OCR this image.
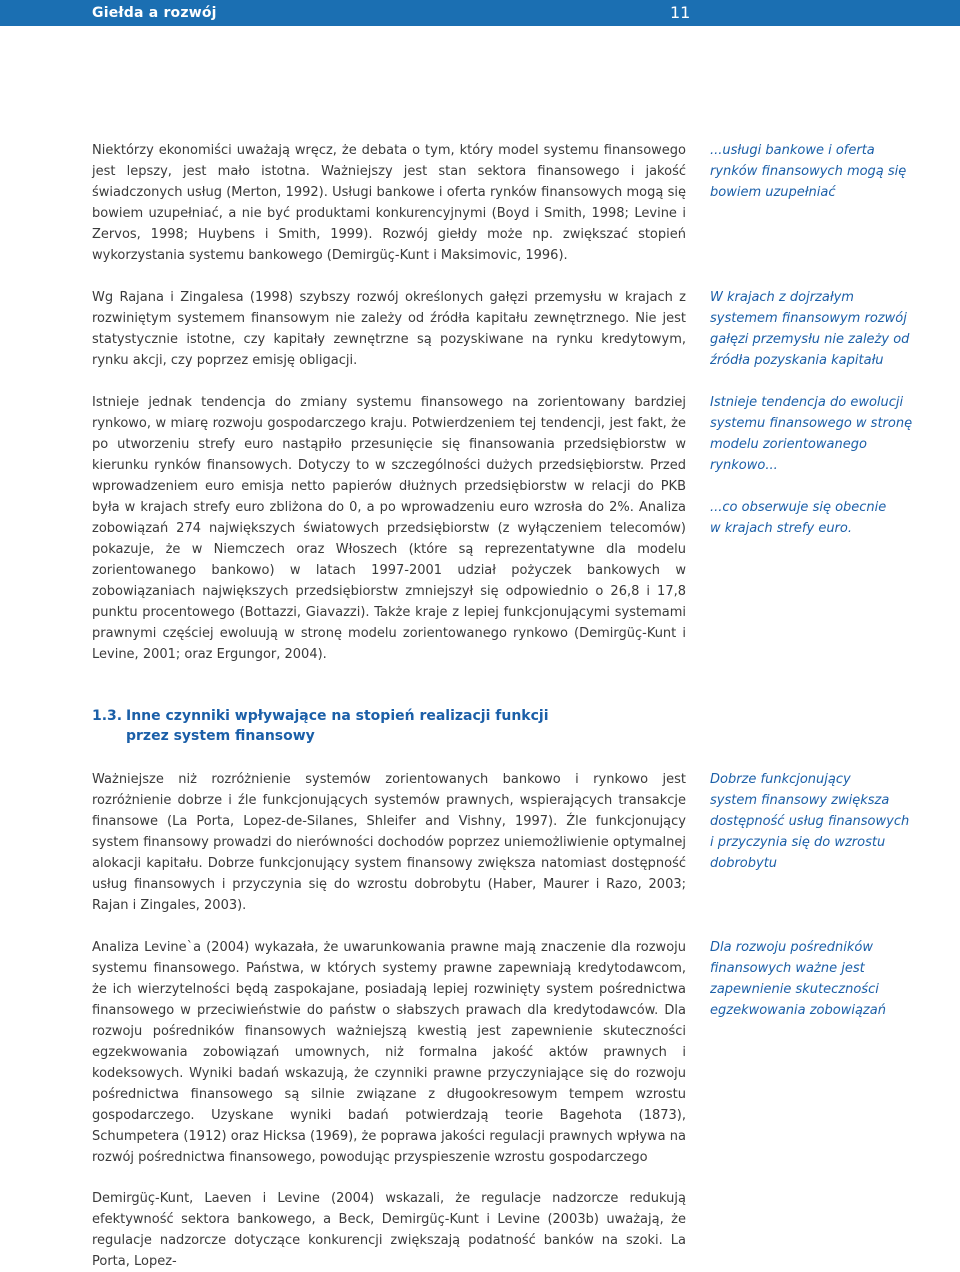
Giełda a rozwój	11

Niektórzy ekonomiści uważają wręcz, że debata o tym, który model systemu finansowego jest lepszy, jest mało istotna. Ważniejszy jest stan sektora finansowego i jakość świadczonych usług (Merton, 1992). Usługi bankowe i oferta rynków finansowych mogą się bowiem uzupełniać, a nie być produktami konkurencyjnymi (Boyd i Smith, 1998; Levine i Zervos, 1998; Huybens i Smith, 1999). Rozwój giełdy może np. zwiększać stopień wykorzystania systemu bankowego (Demirgüç-Kunt i Maksimovic, 1996).

Wg Rajana i Zingalesa (1998) szybszy rozwój określonych gałęzi przemysłu w krajach z rozwiniętym systemem finansowym nie zależy od źródła kapitału zewnętrznego. Nie jest statystycznie istotne, czy kapitały zewnętrzne są pozyskiwane na rynku kredytowym, rynku akcji, czy poprzez emisję obligacji.

Istnieje jednak tendencja do zmiany systemu finansowego na zorientowany bardziej rynkowo, w miarę rozwoju gospodarczego kraju. Potwierdzeniem tej tendencji, jest fakt, że po utworzeniu strefy euro nastąpiło przesunięcie się finansowania przedsiębiorstw w kierunku rynków finansowych. Dotyczy to w szczególności dużych przedsiębiorstw. Przed wprowadzeniem euro emisja netto papierów dłużnych przedsiębiorstw w relacji do PKB była w krajach strefy euro zbliżona do 0, a po wprowadzeniu euro wzrosła do 2%. Analiza zobowiązań 274 największych światowych przedsiębiorstw (z wyłączeniem telecomów) pokazuje, że w Niemczech oraz Włoszech (które są reprezentatywne dla modelu zorientowanego bankowo) w latach 1997-2001 udział pożyczek bankowych w zobowiązaniach największych przedsiębiorstw zmniejszył się odpowiednio o 26,8 i 17,8 punktu procentowego (Bottazzi, Giavazzi). Także kraje z lepiej funkcjonującymi systemami prawnymi częściej ewoluują w stronę modelu zorientowanego rynkowo (Demirgüç-Kunt i Levine, 2001; oraz Ergungor, 2004).

1.3. Inne czynniki wpływające na stopień realizacji funkcji
przez system finansowy

Ważniejsze niż rozróżnienie systemów zorientowanych bankowo i rynkowo jest rozróżnienie dobrze i źle funkcjonujących systemów prawnych, wspierających transakcje finansowe (La Porta, Lopez-de-Silanes, Shleifer and Vishny, 1997). Źle funkcjonujący system finansowy prowadzi do nierówności dochodów poprzez uniemożliwienie optymalnej alokacji kapitału. Dobrze funkcjonujący system finansowy zwiększa natomiast dostępność usług finansowych i przyczynia się do wzrostu dobrobytu (Haber, Maurer i Razo, 2003; Rajan i Zingales, 2003).

Analiza Levine`a (2004) wykazała, że uwarunkowania prawne mają znaczenie dla rozwoju systemu finansowego. Państwa, w których systemy prawne zapewniają kredytodawcom, że ich wierzytelności będą zaspokajane, posiadają lepiej rozwinięty system pośrednictwa finansowego w przeciwieństwie do państw o słabszych prawach dla kredytodawców. Dla rozwoju pośredników finansowych ważniejszą kwestią jest zapewnienie skuteczności egzekwowania zobowiązań umownych, niż formalna jakość aktów prawnych i kodeksowych. Wyniki badań wskazują, że czynniki prawne przyczyniające się do rozwoju pośrednictwa finansowego są silnie związane z długookresowym tempem wzrostu gospodarczego. Uzyskane wyniki badań potwierdzają teorie Bagehota (1873), Schumpetera (1912) oraz Hicksa (1969), że poprawa jakości regulacji prawnych wpływa na rozwój pośrednictwa finansowego, powodując przyspieszenie wzrostu gospodarczego

Demirgüç-Kunt, Laeven i Levine (2004) wskazali, że regulacje nadzorcze redukują efektywność sektora bankowego, a Beck, Demirgüç-Kunt i Levine (2003b) uważają, że regulacje nadzorcze dotyczące konkurencji zwiększają podatność banków na szoki. La Porta, Lopez-

...usługi bankowe i oferta
rynków finansowych mogą się
bowiem uzupełniać
W krajach z dojrzałym
systemem finansowym rozwój
gałęzi przemysłu nie zależy od
źródła pozyskania kapitału
Istnieje tendencja do ewolucji
systemu finansowego w stronę
modelu zorientowanego
rynkowo...
...co obserwuje się obecnie
w krajach strefy euro.
Dobrze funkcjonujący
system finansowy zwiększa
dostępność usług finansowych
i przyczynia się do wzrostu
dobrobytu
Dla rozwoju pośredników
finansowych ważne jest
zapewnienie skuteczności
egzekwowania zobowiązań
